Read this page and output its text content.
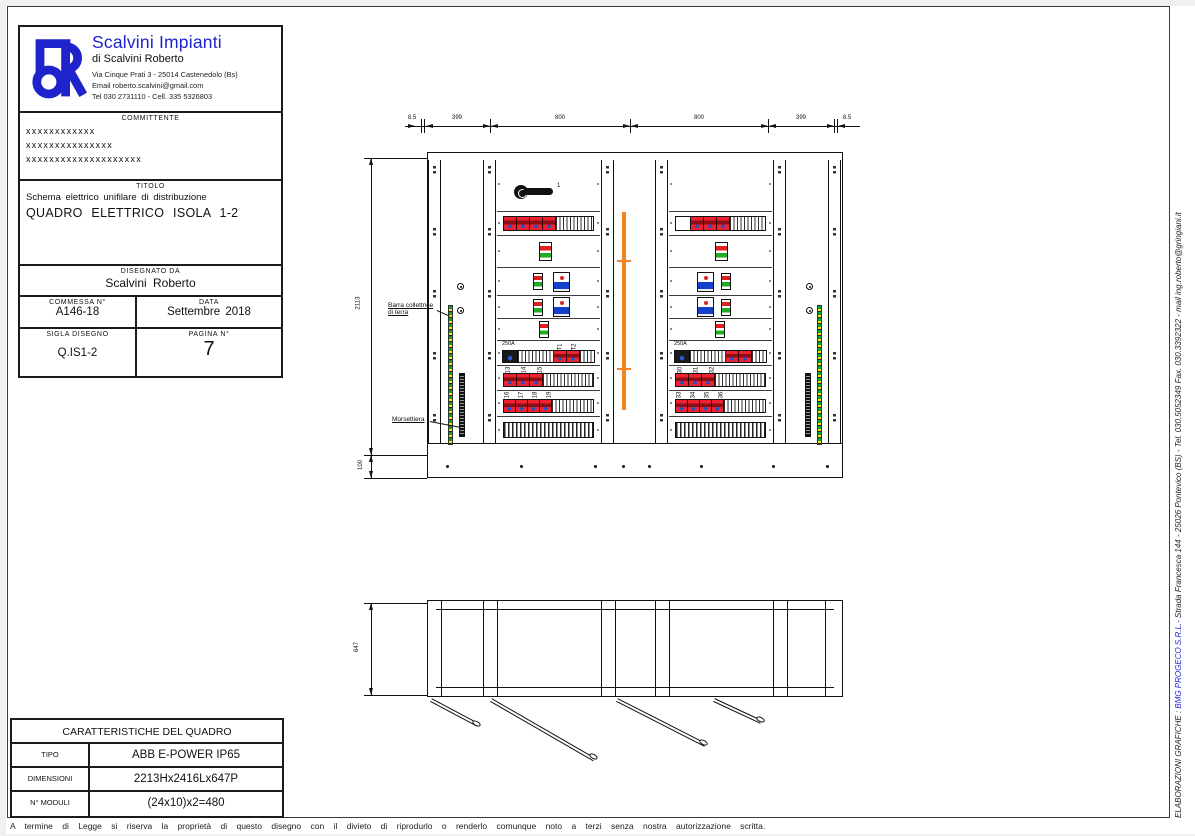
Scalvini Impianti
di Scalvini Roberto
Via Cinque Prati 3 - 25014 Castenedolo (Bs)
Email roberto.scalvini@gmail.com
Tel 030 2731110 - Cell. 335 5326803
COMMITTENTE
xxxxxxxxxxxx
xxxxxxxxxxxxxxx
xxxxxxxxxxxxxxxxxxxx
TITOLO
Schema elettrico unifilare di distribuzione
QUADRO ELETTRICO ISOLA 1-2
DISEGNATO DA
Scalvini Roberto
COMMESSA N°
A146-18
DATA
Settembre 2018
SIGLA DISEGNO
Q.IS1-2
PAGINA N°
7
CARATTERISTICHE DEL QUADRO
TIPO	ABB E-POWER IP65
DIMENSIONI	2213Hx2416Lx647P
N° MODULI	(24x10)x2=480
8.5	399	800	800	399	8.5
2113
100
Barra collettrice
di terra
Morsettiera
1
250A	T1 T2
13 14 15
16 17 18 19
250A
30 31 32
33 34 35 36
647
ELABORAZIONI GRAFICHE : BMG PROGECO S.R.L.- Strada Francesca 144 - 25026 Pontevico (BS) - Tel. 030.5052349 Fax. 030.3392322 - mail ing.roberto@gringiani.it
A termine di Legge si riserva la proprietà di questo disegno con il divieto di riprodurlo o renderlo comunque noto a terzi senza nostra autorizzazione scritta.
